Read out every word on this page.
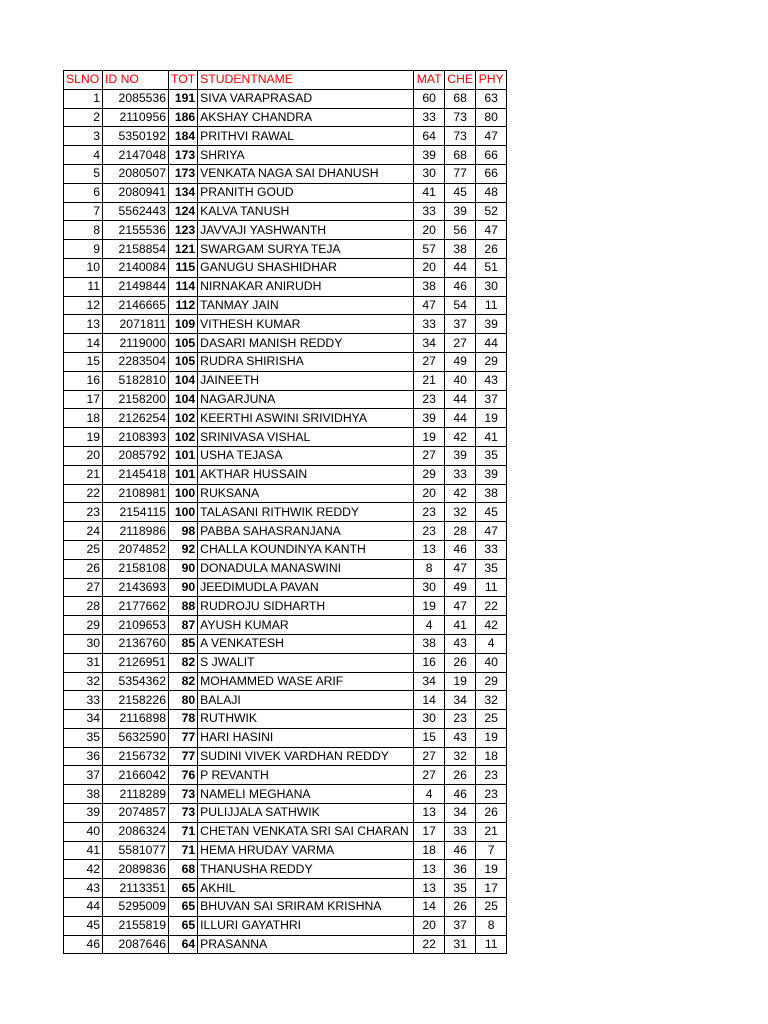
SLNO	ID NO	TOT	STUDENTNAME	MAT	CHE	PHY
1	2085536	191	SIVA VARAPRASAD	60	68	63
2	2110956	186	AKSHAY CHANDRA	33	73	80
3	5350192	184	PRITHVI RAWAL	64	73	47
4	2147048	173	SHRIYA	39	68	66
5	2080507	173	VENKATA NAGA SAI DHANUSH	30	77	66
6	2080941	134	PRANITH GOUD	41	45	48
7	5562443	124	KALVA TANUSH	33	39	52
8	2155536	123	JAVVAJI YASHWANTH	20	56	47
9	2158854	121	SWARGAM SURYA TEJA	57	38	26
10	2140084	115	GANUGU SHASHIDHAR	20	44	51
11	2149844	114	NIRNAKAR ANIRUDH	38	46	30
12	2146665	112	TANMAY JAIN	47	54	11
13	2071811	109	VITHESH KUMAR	33	37	39
14	2119000	105	DASARI MANISH REDDY	34	27	44
15	2283504	105	RUDRA SHIRISHA	27	49	29
16	5182810	104	JAINEETH	21	40	43
17	2158200	104	NAGARJUNA	23	44	37
18	2126254	102	KEERTHI ASWINI SRIVIDHYA	39	44	19
19	2108393	102	SRINIVASA VISHAL	19	42	41
20	2085792	101	USHA TEJASA	27	39	35
21	2145418	101	AKTHAR HUSSAIN	29	33	39
22	2108981	100	RUKSANA	20	42	38
23	2154115	100	TALASANI RITHWIK REDDY	23	32	45
24	2118986	98	PABBA SAHASRANJANA	23	28	47
25	2074852	92	CHALLA KOUNDINYA KANTH	13	46	33
26	2158108	90	DONADULA MANASWINI	8	47	35
27	2143693	90	JEEDIMUDLA PAVAN	30	49	11
28	2177662	88	RUDROJU SIDHARTH	19	47	22
29	2109653	87	AYUSH KUMAR	4	41	42
30	2136760	85	A VENKATESH	38	43	4
31	2126951	82	S JWALIT	16	26	40
32	5354362	82	MOHAMMED WASE ARIF	34	19	29
33	2158226	80	BALAJI	14	34	32
34	2116898	78	RUTHWIK	30	23	25
35	5632590	77	HARI HASINI	15	43	19
36	2156732	77	SUDINI VIVEK VARDHAN REDDY	27	32	18
37	2166042	76	P REVANTH	27	26	23
38	2118289	73	NAMELI MEGHANA	4	46	23
39	2074857	73	PULIJJALA SATHWIK	13	34	26
40	2086324	71	CHETAN VENKATA SRI SAI CHARAN	17	33	21
41	5581077	71	HEMA HRUDAY VARMA	18	46	7
42	2089836	68	THANUSHA REDDY	13	36	19
43	2113351	65	AKHIL	13	35	17
44	5295009	65	BHUVAN SAI SRIRAM KRISHNA	14	26	25
45	2155819	65	ILLURI GAYATHRI	20	37	8
46	2087646	64	PRASANNA	22	31	11
